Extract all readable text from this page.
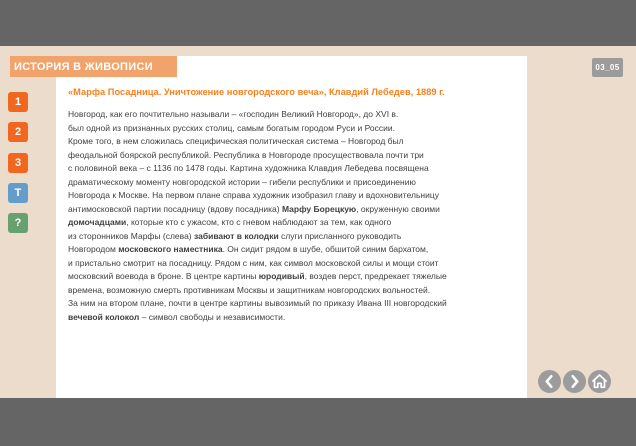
ИСТОРИЯ В ЖИВОПИСИ	03_05
1
2
3
T
?
«Марфа Посадница. Уничтожение новгородского веча», Клавдий Лебедев, 1889 г.
Новгород, как его почтительно называли – «господин Великий Новгород», до XVI в.
был одной из признанных русских столиц, самым богатым городом Руси и России.
Кроме того, в нем сложилась специфическая политическая система – Новгород был
феодальной боярской республикой. Республика в Новгороде просуществовала почти три
с половиной века – с 1136 по 1478 годы. Картина художника Клавдия Лебедева посвящена
драматическому моменту новгородской истории – гибели республики и присоединению
Новгорода к Москве. На первом плане справа художник изобразил главу и вдохновительницу
антимосковской партии посадницу (вдову посадника) Марфу Борецкую, окруженную своими
домочадцами, которые кто с ужасом, кто с гневом наблюдают за тем, как одного
из сторонников Марфы (слева) забивают в колодки слуги присланного руководить
Новгородом московского наместника. Он сидит рядом в шубе, обшитой синим бархатом,
и пристально смотрит на посадницу. Рядом с ним, как символ московской силы и мощи стоит
московский воевода в броне. В центре картины юродивый, воздев перст, предрекает тяжелые
времена, возможную смерть противникам Москвы и защитникам новгородских вольностей.
За ним на втором плане, почти в центре картины вывозимый по приказу Ивана III новгородский
вечевой колокол – символ свободы и независимости.
